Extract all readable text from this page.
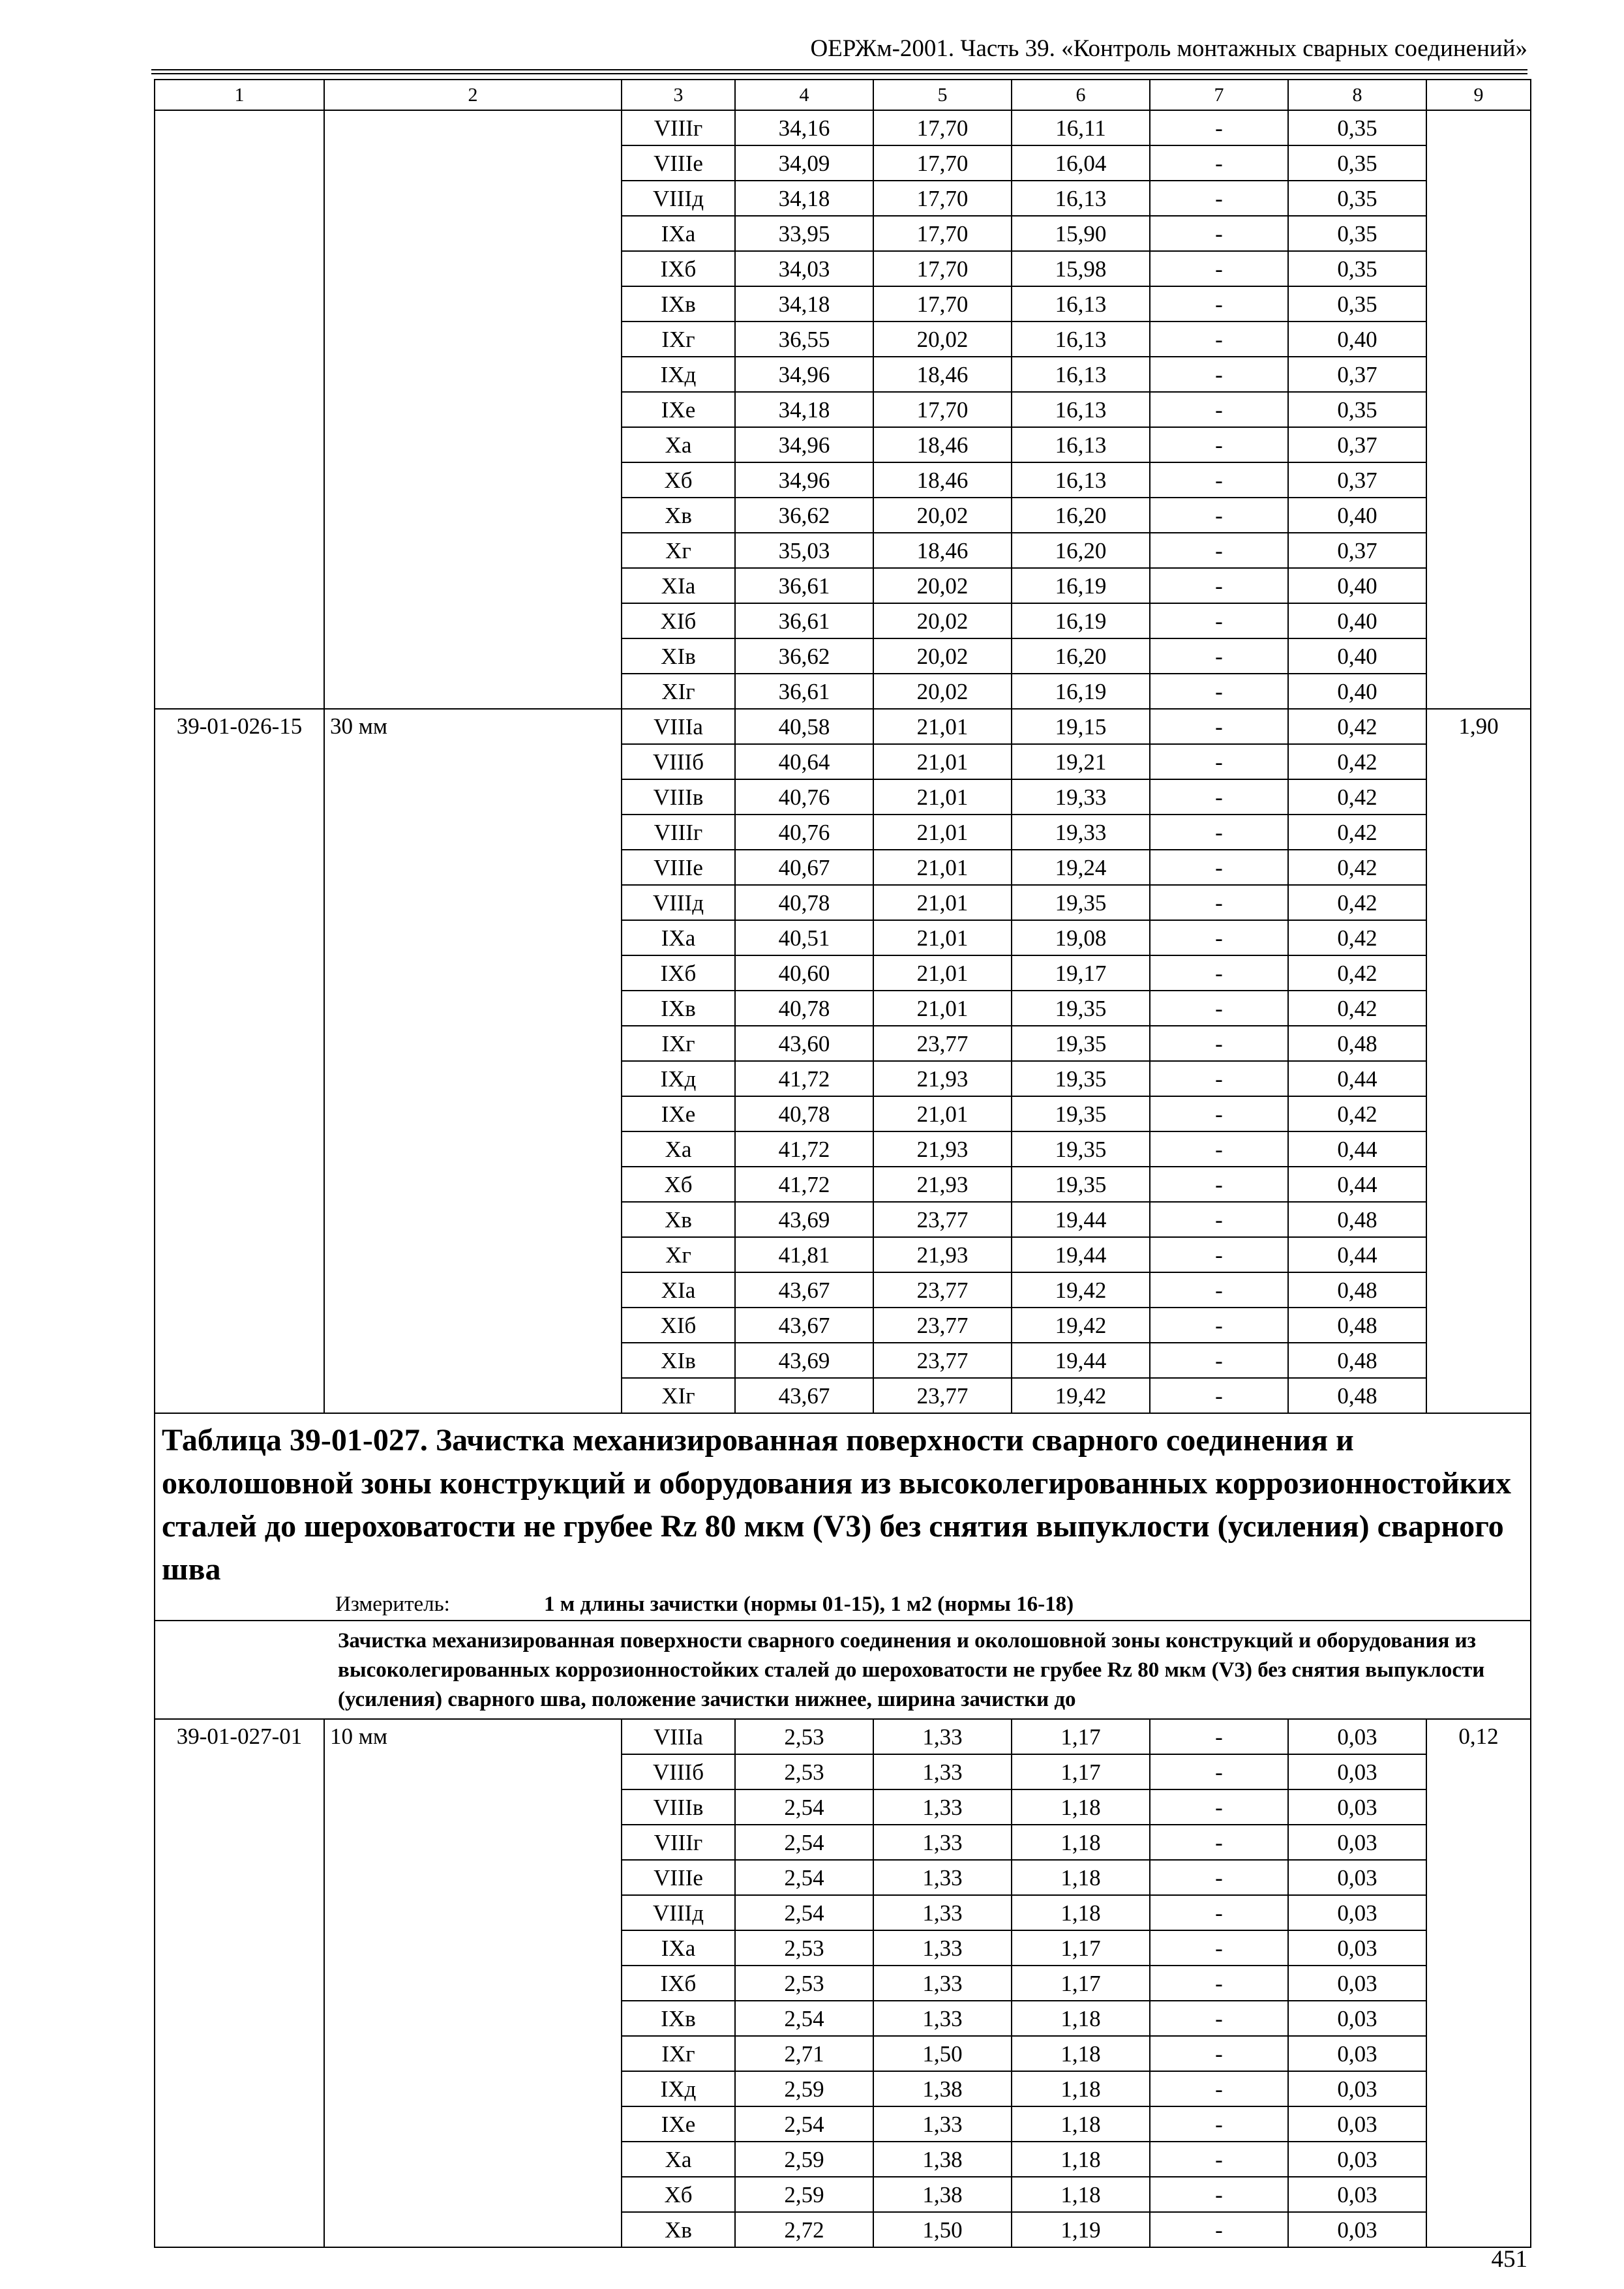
ОЕРЖм-2001. Часть 39. «Контроль монтажных сварных соединений»
1	2	3	4	5	6	7	8	9
		VIIIг	34,16	17,70	16,11	-	0,35	
		VIIIе	34,09	17,70	16,04	-	0,35	
		VIIIд	34,18	17,70	16,13	-	0,35	
		IXа	33,95	17,70	15,90	-	0,35	
		IXб	34,03	17,70	15,98	-	0,35	
		IXв	34,18	17,70	16,13	-	0,35	
		IXг	36,55	20,02	16,13	-	0,40	
		IXд	34,96	18,46	16,13	-	0,37	
		IXе	34,18	17,70	16,13	-	0,35	
		Xа	34,96	18,46	16,13	-	0,37	
		Xб	34,96	18,46	16,13	-	0,37	
		Xв	36,62	20,02	16,20	-	0,40	
		Xг	35,03	18,46	16,20	-	0,37	
		XIа	36,61	20,02	16,19	-	0,40	
		XIб	36,61	20,02	16,19	-	0,40	
		XIв	36,62	20,02	16,20	-	0,40	
		XIг	36,61	20,02	16,19	-	0,40	
39-01-026-15	30 мм	VIIIа	40,58	21,01	19,15	-	0,42	1,90
		VIIIб	40,64	21,01	19,21	-	0,42	
		VIIIв	40,76	21,01	19,33	-	0,42	
		VIIIг	40,76	21,01	19,33	-	0,42	
		VIIIе	40,67	21,01	19,24	-	0,42	
		VIIIд	40,78	21,01	19,35	-	0,42	
		IXа	40,51	21,01	19,08	-	0,42	
		IXб	40,60	21,01	19,17	-	0,42	
		IXв	40,78	21,01	19,35	-	0,42	
		IXг	43,60	23,77	19,35	-	0,48	
		IXд	41,72	21,93	19,35	-	0,44	
		IXе	40,78	21,01	19,35	-	0,42	
		Xа	41,72	21,93	19,35	-	0,44	
		Xб	41,72	21,93	19,35	-	0,44	
		Xв	43,69	23,77	19,44	-	0,48	
		Xг	41,81	21,93	19,44	-	0,44	
		XIа	43,67	23,77	19,42	-	0,48	
		XIб	43,67	23,77	19,42	-	0,48	
		XIв	43,69	23,77	19,44	-	0,48	
		XIг	43,67	23,77	19,42	-	0,48	

Таблица 39-01-027. Зачистка механизированная поверхности сварного соединения и околошовной зоны конструкций и оборудования из высоколегированных коррозионностойких сталей до шероховатости не грубее Rz 80 мкм (V3) без снятия выпуклости (усиления) сварного шва
Измеритель: 1 м длины зачистки (нормы 01-15), 1 м2 (нормы 16-18)								

Зачистка механизированная поверхности сварного соединения и околошовной зоны конструкций и оборудования из высоколегированных коррозионностойких сталей до шероховатости не грубее Rz 80 мкм (V3) без снятия выпуклости (усиления) сварного шва, положение зачистки нижнее, ширина зачистки до								

39-01-027-01	10 мм	VIIIа	2,53	1,33	1,17	-	0,03	0,12
		VIIIб	2,53	1,33	1,17	-	0,03	
		VIIIв	2,54	1,33	1,18	-	0,03	
		VIIIг	2,54	1,33	1,18	-	0,03	
		VIIIе	2,54	1,33	1,18	-	0,03	
		VIIIд	2,54	1,33	1,18	-	0,03	
		IXа	2,53	1,33	1,17	-	0,03	
		IXб	2,53	1,33	1,17	-	0,03	
		IXв	2,54	1,33	1,18	-	0,03	
		IXг	2,71	1,50	1,18	-	0,03	
		IXд	2,59	1,38	1,18	-	0,03	
		IXе	2,54	1,33	1,18	-	0,03	
		Xа	2,59	1,38	1,18	-	0,03	
		Xб	2,59	1,38	1,18	-	0,03	
		Xв	2,72	1,50	1,19	-	0,03	
451
